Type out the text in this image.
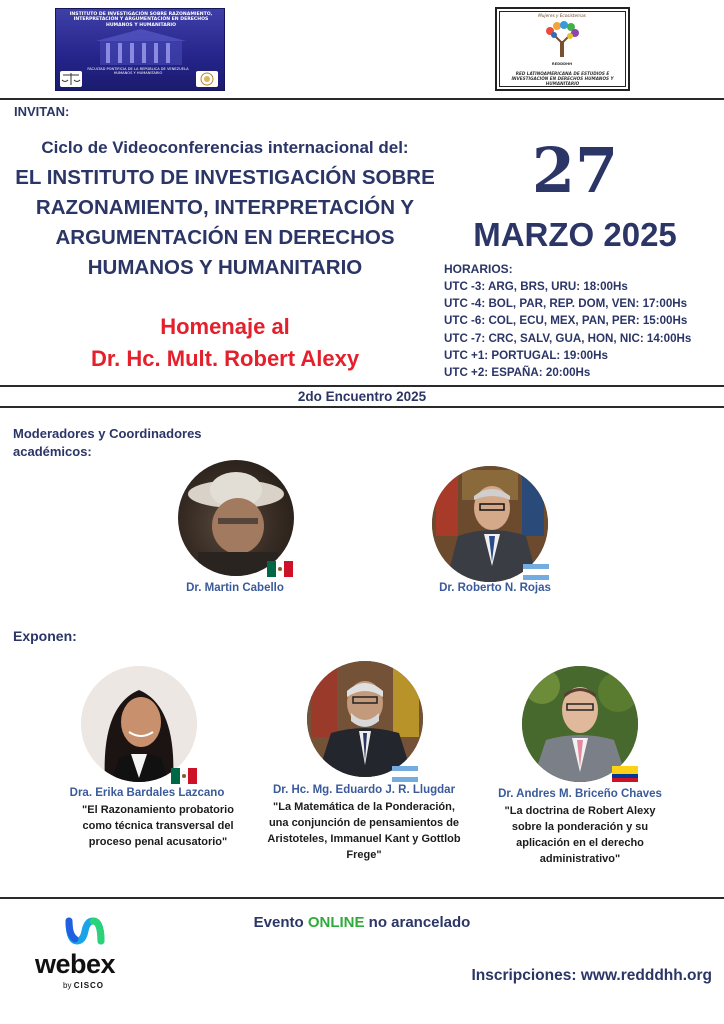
INSTITUTO DE INVESTIGACIÓN SOBRE RAZONAMIENTO, INTERPRETACIÓN Y ARGUMENTACIÓN EN DERECHOS HUMANOS Y HUMANITARIO
FACULTAD PONTIFICIA DE LA REPÚBLICA DE VENEZUELA HUMANOS Y HUMANITARIO
Mujeres y Ecosistemas
REDDDHH
RED LATINOAMERICANA DE ESTUDIOS E INVESTIGACIÓN EN DERECHOS HUMANOS Y HUMANITARIO
INVITAN:
Ciclo de Videoconferencias internacional del:
EL INSTITUTO DE INVESTIGACIÓN SOBRE
RAZONAMIENTO, INTERPRETACIÓN Y
ARGUMENTACIÓN EN DERECHOS
HUMANOS Y HUMANITARIO
Homenaje al
Dr. Hc. Mult. Robert Alexy
27
MARZO 2025
HORARIOS:
UTC -3: ARG, BRS, URU: 18:00Hs
UTC -4: BOL, PAR, REP. DOM, VEN: 17:00Hs
UTC -6: COL, ECU, MEX, PAN, PER: 15:00Hs
UTC -7: CRC, SALV, GUA, HON, NIC: 14:00Hs
UTC +1: PORTUGAL: 19:00Hs
UTC +2: ESPAÑA: 20:00Hs
2do Encuentro 2025
Moderadores y Coordinadores académicos:
Dr. Martin Cabello	Dr. Roberto N. Rojas
Exponen:
Dra. Erika Bardales Lazcano
"El Razonamiento probatorio como técnica transversal del proceso penal acusatorio"
Dr. Hc. Mg. Eduardo J. R. Llugdar
"La Matemática de la Ponderación, una conjunción de pensamientos de Aristoteles, Immanuel Kant y Gottlob Frege"
Dr. Andres M. Briceño Chaves
"La doctrina de Robert Alexy sobre la ponderación y su aplicación en el derecho administrativo"
webex
by CISCO
Evento ONLINE no arancelado
Inscripciones: www.redddhh.org
